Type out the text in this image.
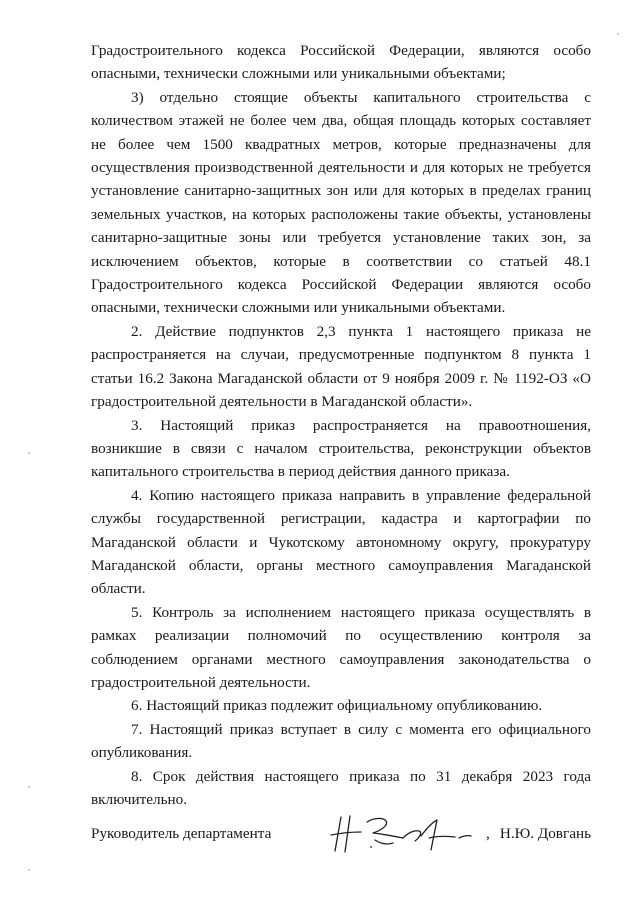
Градостроительного кодекса Российской Федерации, являются особо опасными, технически сложными или уникальными объектами;

3) отдельно стоящие объекты капитального строительства с количеством этажей не более чем два, общая площадь которых составляет не более чем 1500 квадратных метров, которые предназначены для осуществления производственной деятельности и для которых не требуется установление санитарно-защитных зон или для которых в пределах границ земельных участков, на которых расположены такие объекты, установлены санитарно-защитные зоны или требуется установление таких зон, за исключением объектов, которые в соответствии со статьей 48.1 Градостроительного кодекса Российской Федерации являются особо опасными, технически сложными или уникальными объектами.

2. Действие подпунктов 2,3 пункта 1 настоящего приказа не распространяется на случаи, предусмотренные подпунктом 8 пункта 1 статьи 16.2 Закона Магаданской области от 9 ноября 2009 г. № 1192-ОЗ «О градостроительной деятельности в Магаданской области».

3. Настоящий приказ распространяется на правоотношения, возникшие в связи с началом строительства, реконструкции объектов капитального строительства в период действия данного приказа.

4. Копию настоящего приказа направить в управление федеральной службы государственной регистрации, кадастра и картографии по Магаданской области и Чукотскому автономному округу, прокуратуру Магаданской области, органы местного самоуправления Магаданской области.

5. Контроль за исполнением настоящего приказа осуществлять в рамках реализации полномочий по осуществлению контроля за соблюдением органами местного самоуправления законодательства о градостроительной деятельности.

6. Настоящий приказ подлежит официальному опубликованию.

7. Настоящий приказ вступает в силу с момента его официального опубликования.

8. Срок действия настоящего приказа по 31 декабря 2023 года включительно.

Руководитель департамента	, Н.Ю. Довгань
